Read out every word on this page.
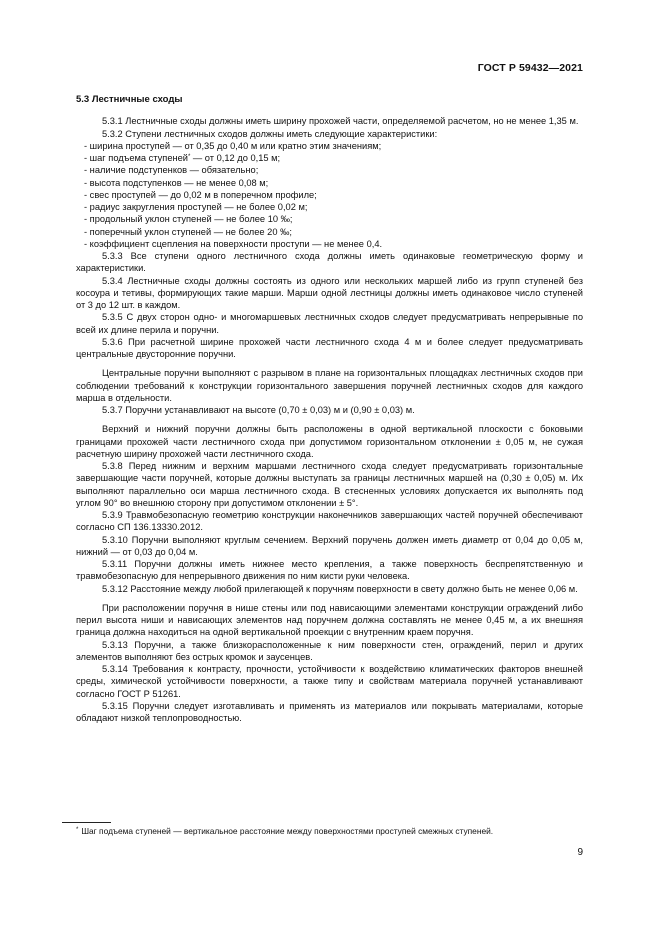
ГОСТ Р 59432—2021
5.3 Лестничные сходы

5.3.1 Лестничные сходы должны иметь ширину прохожей части, определяемой расчетом, но не менее 1,35 м.

5.3.2 Ступени лестничных сходов должны иметь следующие характеристики:

- ширина проступей — от 0,35 до 0,40 м или кратно этим значениям;

- шаг подъема ступеней* — от 0,12 до 0,15 м;

- наличие подступенков — обязательно;

- высота подступенков — не менее 0,08 м;

- свес проступей — до 0,02 м в поперечном профиле;

- радиус закругления проступей — не более 0,02 м;

- продольный уклон ступеней — не более 10 ‰;

- поперечный уклон ступеней — не более 20 ‰;

- коэффициент сцепления на поверхности проступи — не менее 0,4.

5.3.3 Все ступени одного лестничного схода должны иметь одинаковые геометрическую форму и характеристики.

5.3.4 Лестничные сходы должны состоять из одного или нескольких маршей либо из групп ступеней без косоура и тетивы, формирующих такие марши. Марши одной лестницы должны иметь одинаковое число ступеней от 3 до 12 шт. в каждом.

5.3.5 С двух сторон одно- и многомаршевых лестничных сходов следует предусматривать непрерывные по всей их длине перила и поручни.

5.3.6 При расчетной ширине прохожей части лестничного схода 4 м и более следует предусматривать центральные двусторонние поручни.

Центральные поручни выполняют с разрывом в плане на горизонтальных площадках лестничных сходов при соблюдении требований к конструкции горизонтального завершения поручней лестничных сходов для каждого марша в отдельности.

5.3.7 Поручни устанавливают на высоте (0,70 ± 0,03) м и (0,90 ± 0,03) м.

Верхний и нижний поручни должны быть расположены в одной вертикальной плоскости с боковыми границами прохожей части лестничного схода при допустимом горизонтальном отклонении ± 0,05 м, не сужая расчетную ширину прохожей части лестничного схода.

5.3.8 Перед нижним и верхним маршами лестничного схода следует предусматривать горизонтальные завершающие части поручней, которые должны выступать за границы лестничных маршей на (0,30 ± 0,05) м. Их выполняют параллельно оси марша лестничного схода. В стесненных условиях допускается их выполнять под углом 90° во внешнюю сторону при допустимом отклонении ± 5°.

5.3.9 Травмобезопасную геометрию конструкции наконечников завершающих частей поручней обеспечивают согласно СП 136.13330.2012.

5.3.10 Поручни выполняют круглым сечением. Верхний поручень должен иметь диаметр от 0,04 до 0,05 м, нижний — от 0,03 до 0,04 м.

5.3.11 Поручни должны иметь нижнее место крепления, а также поверхность беспрепятственную и травмобезопасную для непрерывного движения по ним кисти руки человека.

5.3.12 Расстояние между любой прилегающей к поручням поверхности в свету должно быть не менее 0,06 м.

При расположении поручня в нише стены или под нависающими элементами конструкции ограждений либо перил высота ниши и нависающих элементов над поручнем должна составлять не менее 0,45 м, а их внешняя граница должна находиться на одной вертикальной проекции с внутренним краем поручня.

5.3.13 Поручни, а также близкорасположенные к ним поверхности стен, ограждений, перил и других элементов выполняют без острых кромок и заусенцев.

5.3.14 Требования к контрасту, прочности, устойчивости к воздействию климатических факторов внешней среды, химической устойчивости поверхности, а также типу и свойствам материала поручней устанавливают согласно ГОСТ Р 51261.

5.3.15 Поручни следует изготавливать и применять из материалов или покрывать материалами, которые обладают низкой теплопроводностью.

* Шаг подъема ступеней — вертикальное расстояние между поверхностями проступей смежных ступеней.
9
